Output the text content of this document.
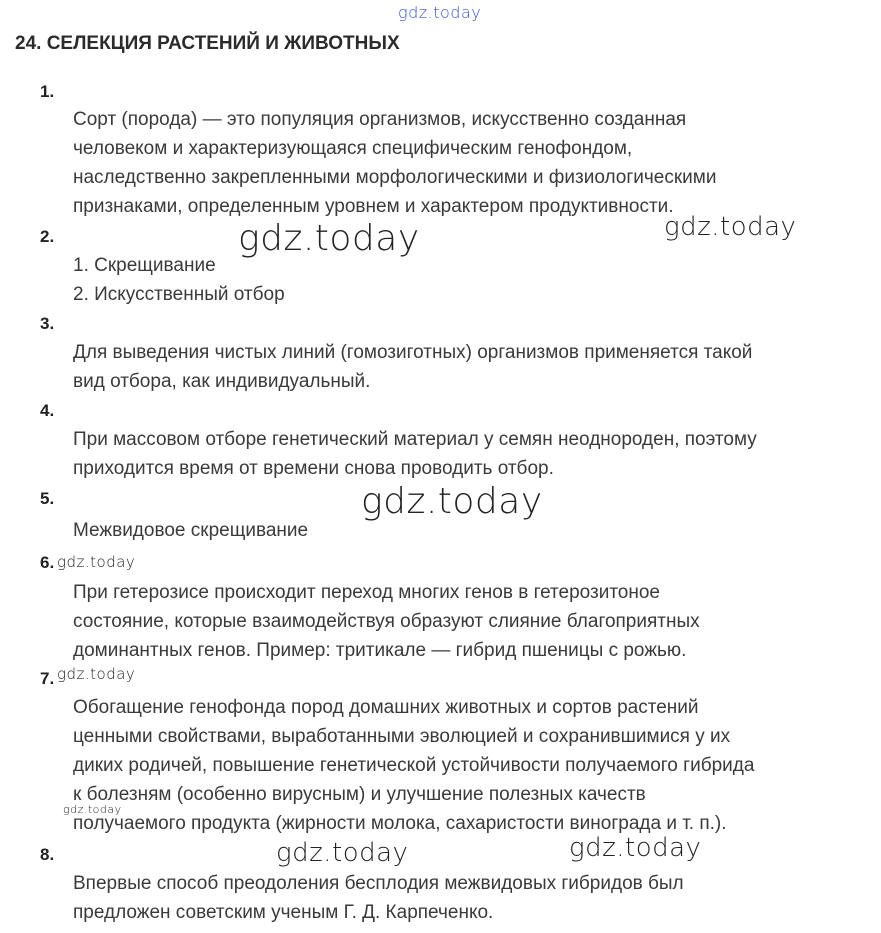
gdz.today
24. СЕЛЕКЦИЯ РАСТЕНИЙ И ЖИВОТНЫХ
1.
Сорт (порода) — это популяция организмов, искусственно созданная
человеком и характеризующаяся специфическим генофондом,
наследственно закрепленными морфологическими и физиологическими
признаками, определенным уровнем и характером продуктивности.
2.
1. Скрещивание
2. Искусственный отбор
3.
Для выведения чистых линий (гомозиготных) организмов применяется такой
вид отбора, как индивидуальный.
4.
При массовом отборе генетический материал у семян неоднороден, поэтому
приходится время от времени снова проводить отбор.
5.
Межвидовое скрещивание
6.
При гетерозисе происходит переход многих генов в гетерозитоное
состояние, которые взаимодействуя образуют слияние благоприятных
доминантных генов. Пример: тритикале — гибрид пшеницы с рожью.
7.
Обогащение генофонда пород домашних животных и сортов растений
ценными свойствами, выработанными эволюцией и сохранившимися у их
диких родичей, повышение генетической устойчивости получаемого гибрида
к болезням (особенно вирусным) и улучшение полезных качеств
получаемого продукта (жирности молока, сахаристости винограда и т. п.).
8.
Впервые способ преодоления бесплодия межвидовых гибридов был
предложен советским ученым Г. Д. Карпеченко.
gdz.today	gdz.today
gdz.today
gdz.today
gdz.today
gdz.today
gdz.today	gdz.today
